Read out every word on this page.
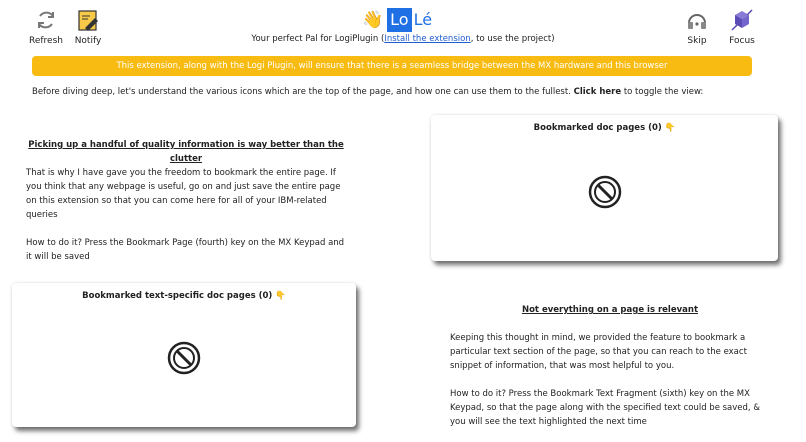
Refresh	Notify
👋 Lo Lé
Your perfect Pal for LogiPlugin (Install the extension, to use the project)	Skip	Focus
This extension, along with the Logi Plugin, will ensure that there is a seamless bridge between the MX hardware and this browser
Before diving deep, let's understand the various icons which are the top of the page, and how one can use them to the fullest. Click here to toggle the view:
Picking up a handful of quality information is way better than the clutter

That is why I have gave you the freedom to bookmark the entire page. If you think that any webpage is useful, go on and just save the entire page on this extension so that you can come here for all of your IBM-related queries

How to do it? Press the Bookmark Page (fourth) key on the MX Keypad and it will be saved

Bookmarked doc pages (0) 👇
Bookmarked text-specific doc pages (0) 👇
Not everything on a page is relevant

Keeping this thought in mind, we provided the feature to bookmark a particular text section of the page, so that you can reach to the exact snippet of information, that was most helpful to you.

How to do it? Press the Bookmark Text Fragment (sixth) key on the MX Keypad, so that the page along with the specified text could be saved, & you will see the text highlighted the next time
